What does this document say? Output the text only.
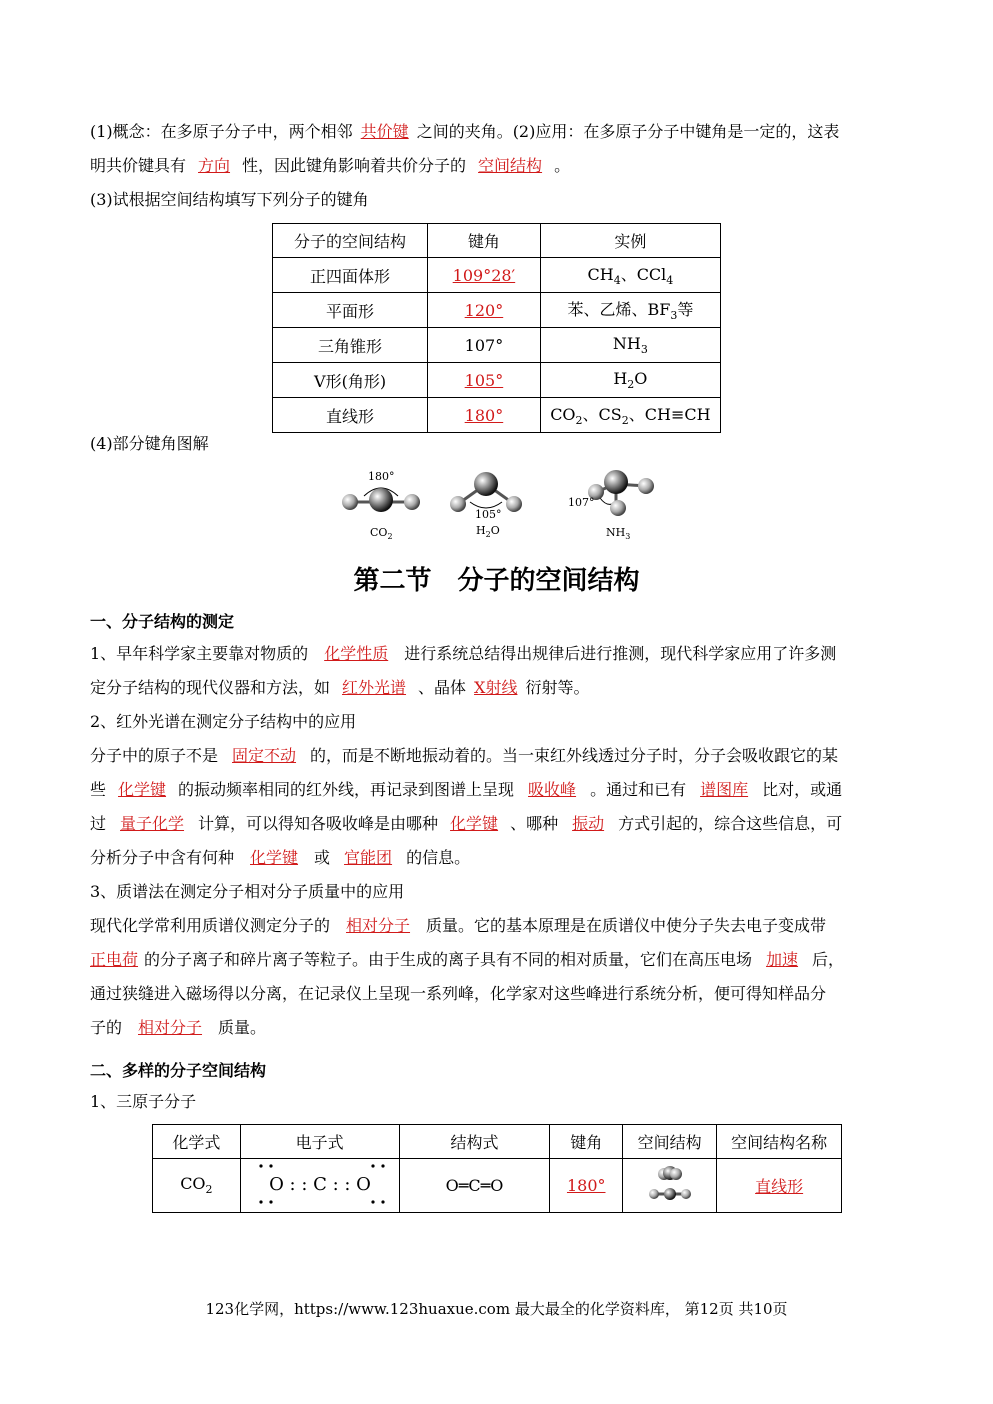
(1)概念：在多原子分子中，两个相邻 共价键 之间的夹角。(2)应用：在多原子分子中键角是一定的，这表
明共价键具有 方向 性，因此键角影响着共价分子的 空间结构 。
(3)试根据空间结构填写下列分子的键角
分子的空间结构	键角	实例
正四面体形	109°28′	$CH_4$、CCl$_4$
平面形	120°	苯、乙烯、$BF_3$等
三角锥形	107°	$NH_3$
V形(角形)	105°	$H_2O$
直线形	180°	$CO_2$、$CS_2$、CH≡CH
(4)部分键角图解
180°
$CO_2$
105°
$H_2O$
107°
$NH_3$
第二节　分子的空间结构
一、分子结构的测定
1、早年科学家主要靠对物质的 化学性质 进行系统总结得出规律后进行推测，现代科学家应用了许多测
定分子结构的现代仪器和方法，如 红外光谱 、晶体 X射线 衍射等。
2、红外光谱在测定分子结构中的应用
分子中的原子不是 固定不动 的，而是不断地振动着的。当一束红外线透过分子时，分子会吸收跟它的某
些 化学键 的振动频率相同的红外线，再记录到图谱上呈现 吸收峰 。通过和已有 谱图库 比对，或通
过 量子化学 计算，可以得知各吸收峰是由哪种 化学键 、哪种 振动 方式引起的，综合这些信息，可
分析分子中含有何种 化学键 或 官能团 的信息。
3、质谱法在测定分子相对分子质量中的应用
现代化学常利用质谱仪测定分子的 相对分子 质量。它的基本原理是在质谱仪中使分子失去电子变成带
正电荷 的分子离子和碎片离子等粒子。由于生成的离子具有不同的相对质量，它们在高压电场 加速 后，
通过狭缝进入磁场得以分离，在记录仪上呈现一系列峰，化学家对这些峰进行系统分析，便可得知样品分
子的 相对分子 质量。
二、多样的分子空间结构
1、三原子分子
化学式	电子式	结构式	键角	空间结构	空间结构名称
$CO_2$	O : : C : : O	O═C═O	180°		直线形
123化学网，https://www.123huaxue.com 最大最全的化学资料库， 第12页 共10页
